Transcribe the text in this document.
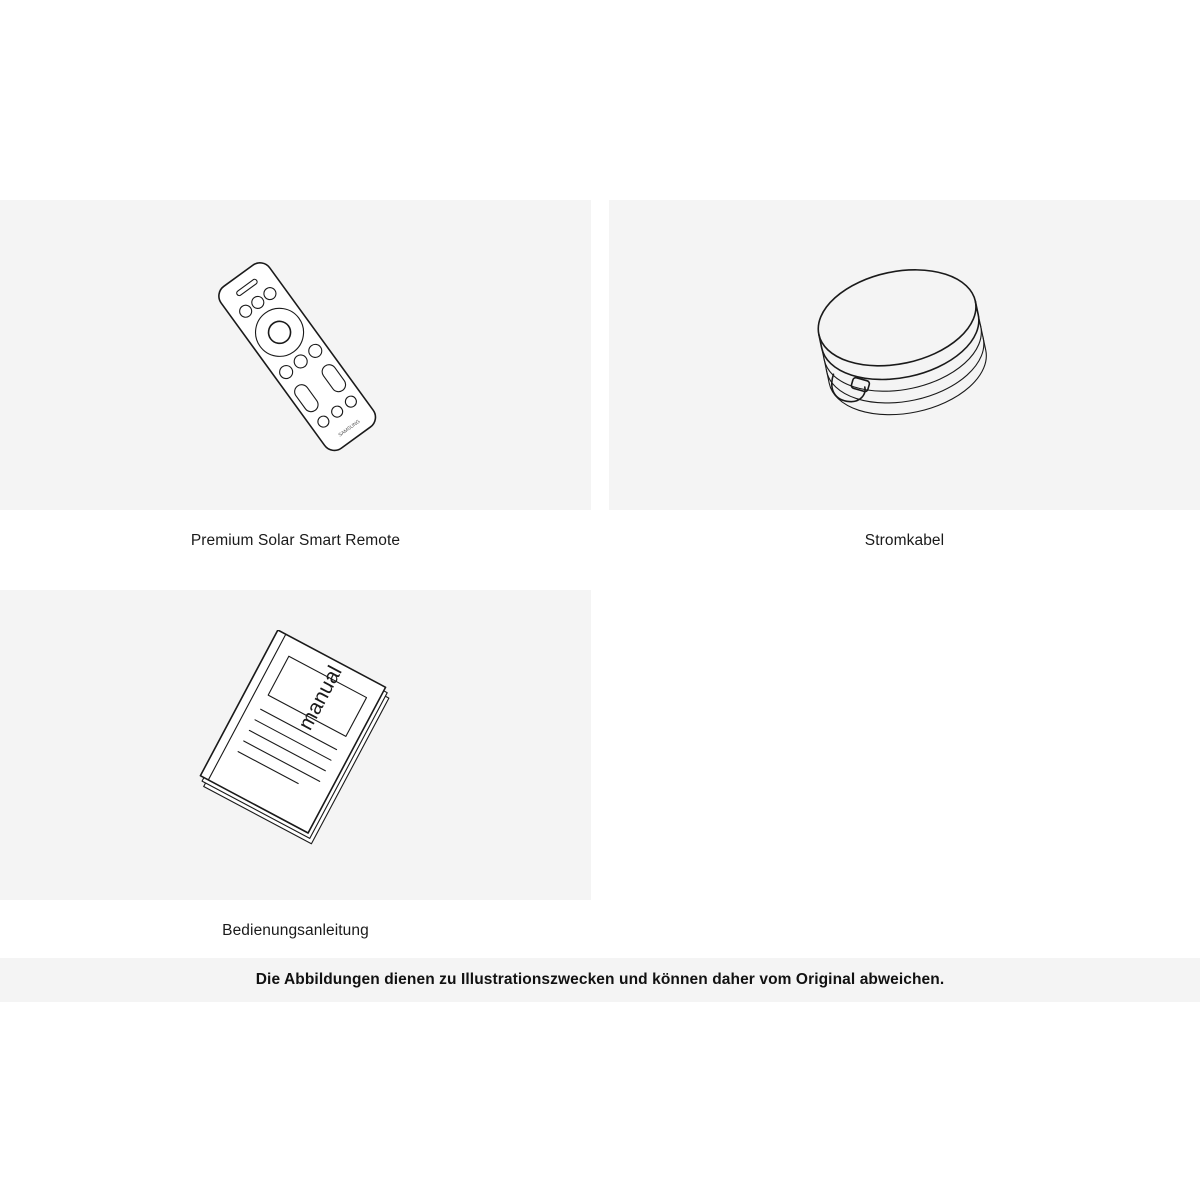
SAMSUNG
Premium Solar Smart Remote	Stromkabel
manual
Bedienungsanleitung
Die Abbildungen dienen zu Illustrationszwecken und können daher vom Original abweichen.
